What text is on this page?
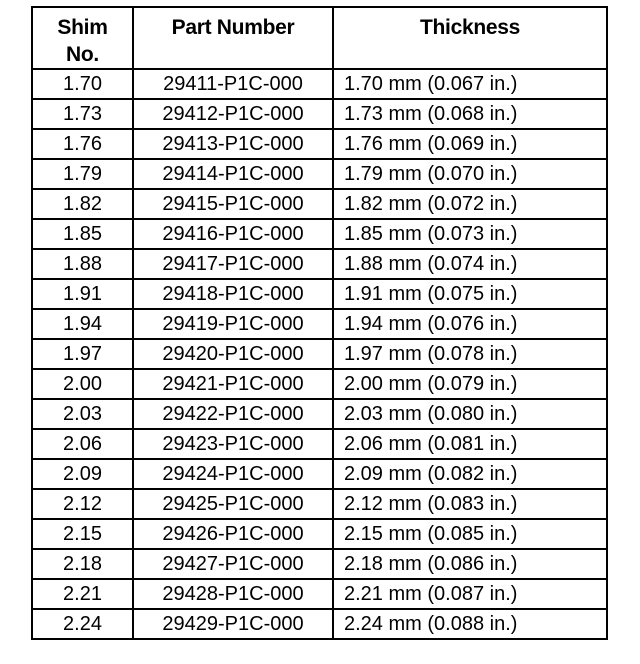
Shim
No.	Part Number	Thickness
1.70	29411-P1C-000	1.70 mm (0.067 in.)
1.73	29412-P1C-000	1.73 mm (0.068 in.)
1.76	29413-P1C-000	1.76 mm (0.069 in.)
1.79	29414-P1C-000	1.79 mm (0.070 in.)
1.82	29415-P1C-000	1.82 mm (0.072 in.)
1.85	29416-P1C-000	1.85 mm (0.073 in.)
1.88	29417-P1C-000	1.88 mm (0.074 in.)
1.91	29418-P1C-000	1.91 mm (0.075 in.)
1.94	29419-P1C-000	1.94 mm (0.076 in.)
1.97	29420-P1C-000	1.97 mm (0.078 in.)
2.00	29421-P1C-000	2.00 mm (0.079 in.)
2.03	29422-P1C-000	2.03 mm (0.080 in.)
2.06	29423-P1C-000	2.06 mm (0.081 in.)
2.09	29424-P1C-000	2.09 mm (0.082 in.)
2.12	29425-P1C-000	2.12 mm (0.083 in.)
2.15	29426-P1C-000	2.15 mm (0.085 in.)
2.18	29427-P1C-000	2.18 mm (0.086 in.)
2.21	29428-P1C-000	2.21 mm (0.087 in.)
2.24	29429-P1C-000	2.24 mm (0.088 in.)
